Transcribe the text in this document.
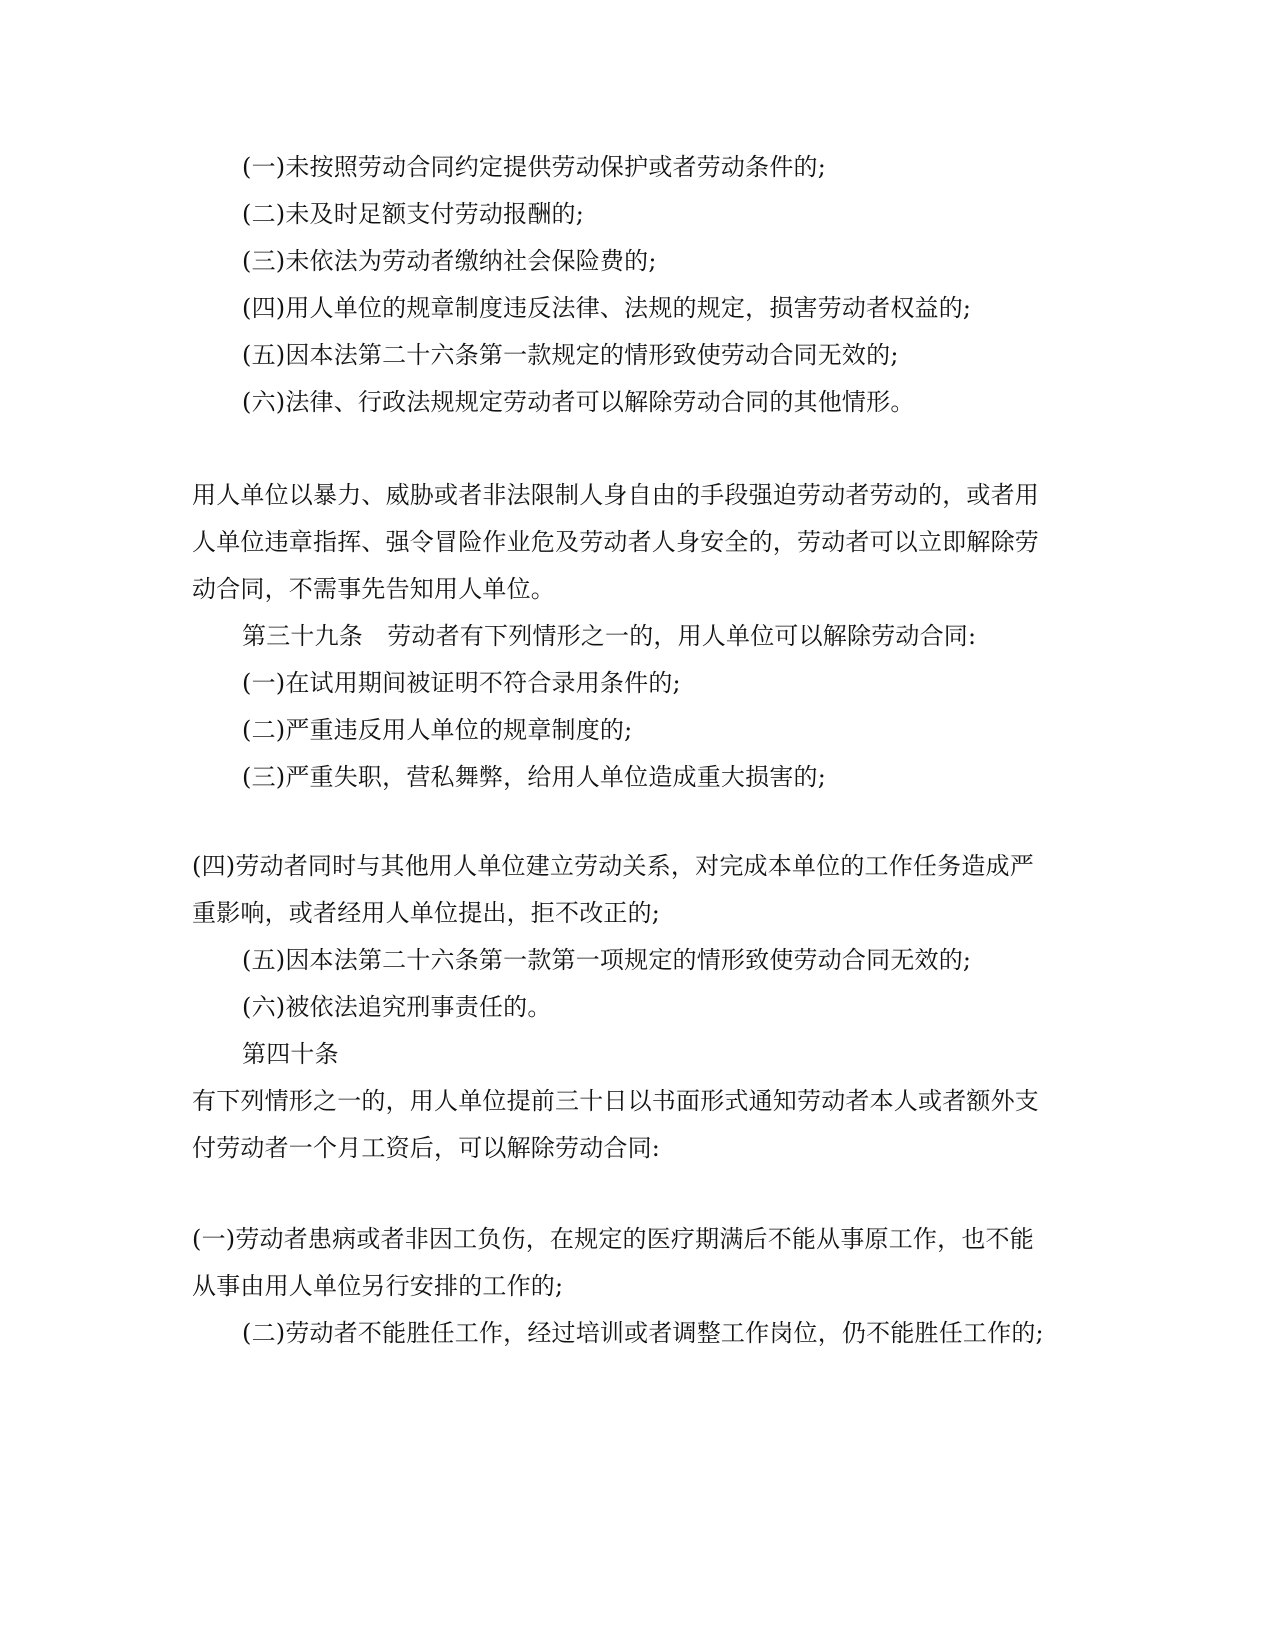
(一)未按照劳动合同约定提供劳动保护或者劳动条件的;
(二)未及时足额支付劳动报酬的;
(三)未依法为劳动者缴纳社会保险费的;
(四)用人单位的规章制度违反法律、法规的规定，损害劳动者权益的;
(五)因本法第二十六条第一款规定的情形致使劳动合同无效的;
(六)法律、行政法规规定劳动者可以解除劳动合同的其他情形。
用人单位以暴力、威胁或者非法限制人身自由的手段强迫劳动者劳动的，或者用
人单位违章指挥、强令冒险作业危及劳动者人身安全的，劳动者可以立即解除劳
动合同，不需事先告知用人单位。
第三十九条　劳动者有下列情形之一的，用人单位可以解除劳动合同:
(一)在试用期间被证明不符合录用条件的;
(二)严重违反用人单位的规章制度的;
(三)严重失职，营私舞弊，给用人单位造成重大损害的;
(四)劳动者同时与其他用人单位建立劳动关系，对完成本单位的工作任务造成严
重影响，或者经用人单位提出，拒不改正的;
(五)因本法第二十六条第一款第一项规定的情形致使劳动合同无效的;
(六)被依法追究刑事责任的。
第四十条
有下列情形之一的，用人单位提前三十日以书面形式通知劳动者本人或者额外支
付劳动者一个月工资后，可以解除劳动合同:
(一)劳动者患病或者非因工负伤，在规定的医疗期满后不能从事原工作，也不能
从事由用人单位另行安排的工作的;
(二)劳动者不能胜任工作，经过培训或者调整工作岗位，仍不能胜任工作的;
